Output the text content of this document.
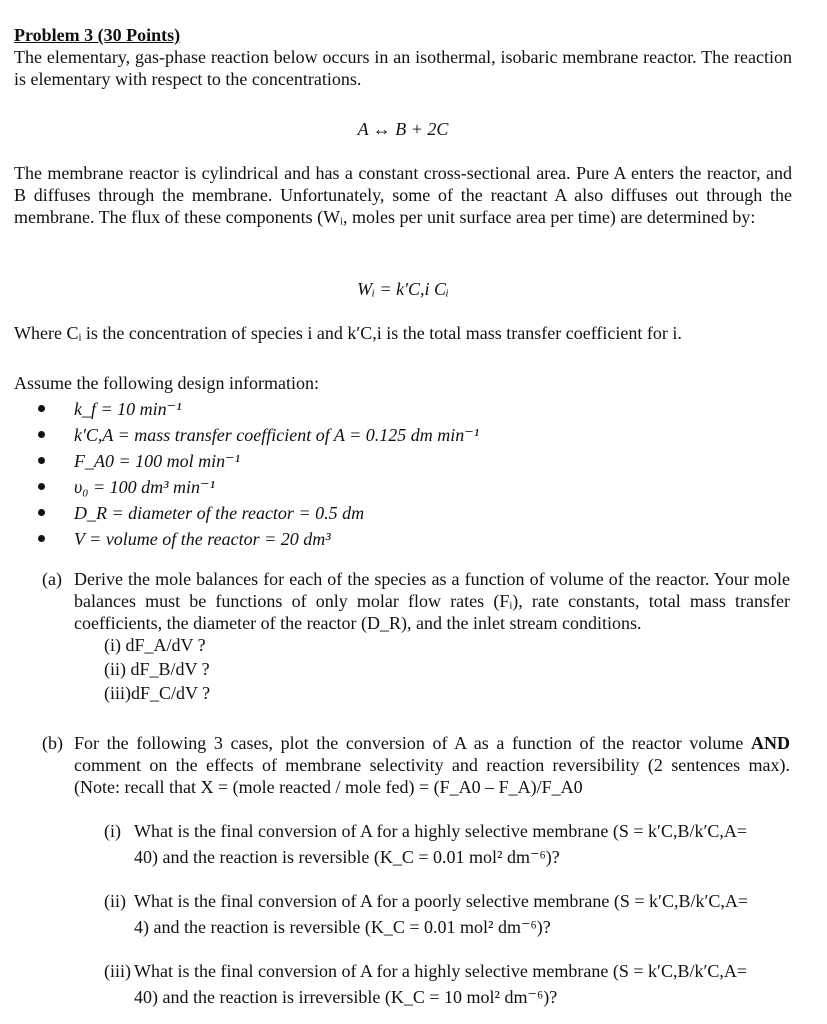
Problem 3 (30 Points)

The elementary, gas-phase reaction below occurs in an isothermal, isobaric membrane reactor. The reaction is elementary with respect to the concentrations.

A ↔ B + 2C

The membrane reactor is cylindrical and has a constant cross-sectional area. Pure A enters the reactor, and B diffuses through the membrane. Unfortunately, some of the reactant A also diffuses out through the membrane. The flux of these components (Wᵢ, moles per unit surface area per time) are determined by:

Wᵢ = k′C,i Cᵢ

Where Cᵢ is the concentration of species i and k′C,i is the total mass transfer coefficient for i.

Assume the following design information:

k_f = 10 min⁻¹
k′C,A = mass transfer coefficient of A = 0.125 dm min⁻¹
F_A0 = 100 mol min⁻¹
υ₀ = 100 dm³ min⁻¹
D_R = diameter of the reactor = 0.5 dm
V = volume of the reactor = 20 dm³
(a) Derive the mole balances for each of the species as a function of volume of the reactor. Your mole balances must be functions of only molar flow rates (Fᵢ), rate constants, total mass transfer coefficients, the diameter of the reactor (D_R), and the inlet stream conditions.
(i) dF_A/dV ?
(ii) dF_B/dV ?
(iii)dF_C/dV ?
(b) For the following 3 cases, plot the conversion of A as a function of the reactor volume AND comment on the effects of membrane selectivity and reaction reversibility (2 sentences max). (Note: recall that X = (mole reacted / mole fed) = (F_A0 – F_A)/F_A0
(i) What is the final conversion of A for a highly selective membrane (S = k′C,B/k′C,A=
40) and the reaction is reversible (K_C = 0.01 mol² dm⁻⁶)?
(ii) What is the final conversion of A for a poorly selective membrane (S = k′C,B/k′C,A=
4) and the reaction is reversible (K_C = 0.01 mol² dm⁻⁶)?
(iii) What is the final conversion of A for a highly selective membrane (S = k′C,B/k′C,A=
40) and the reaction is irreversible (K_C = 10 mol² dm⁻⁶)?
